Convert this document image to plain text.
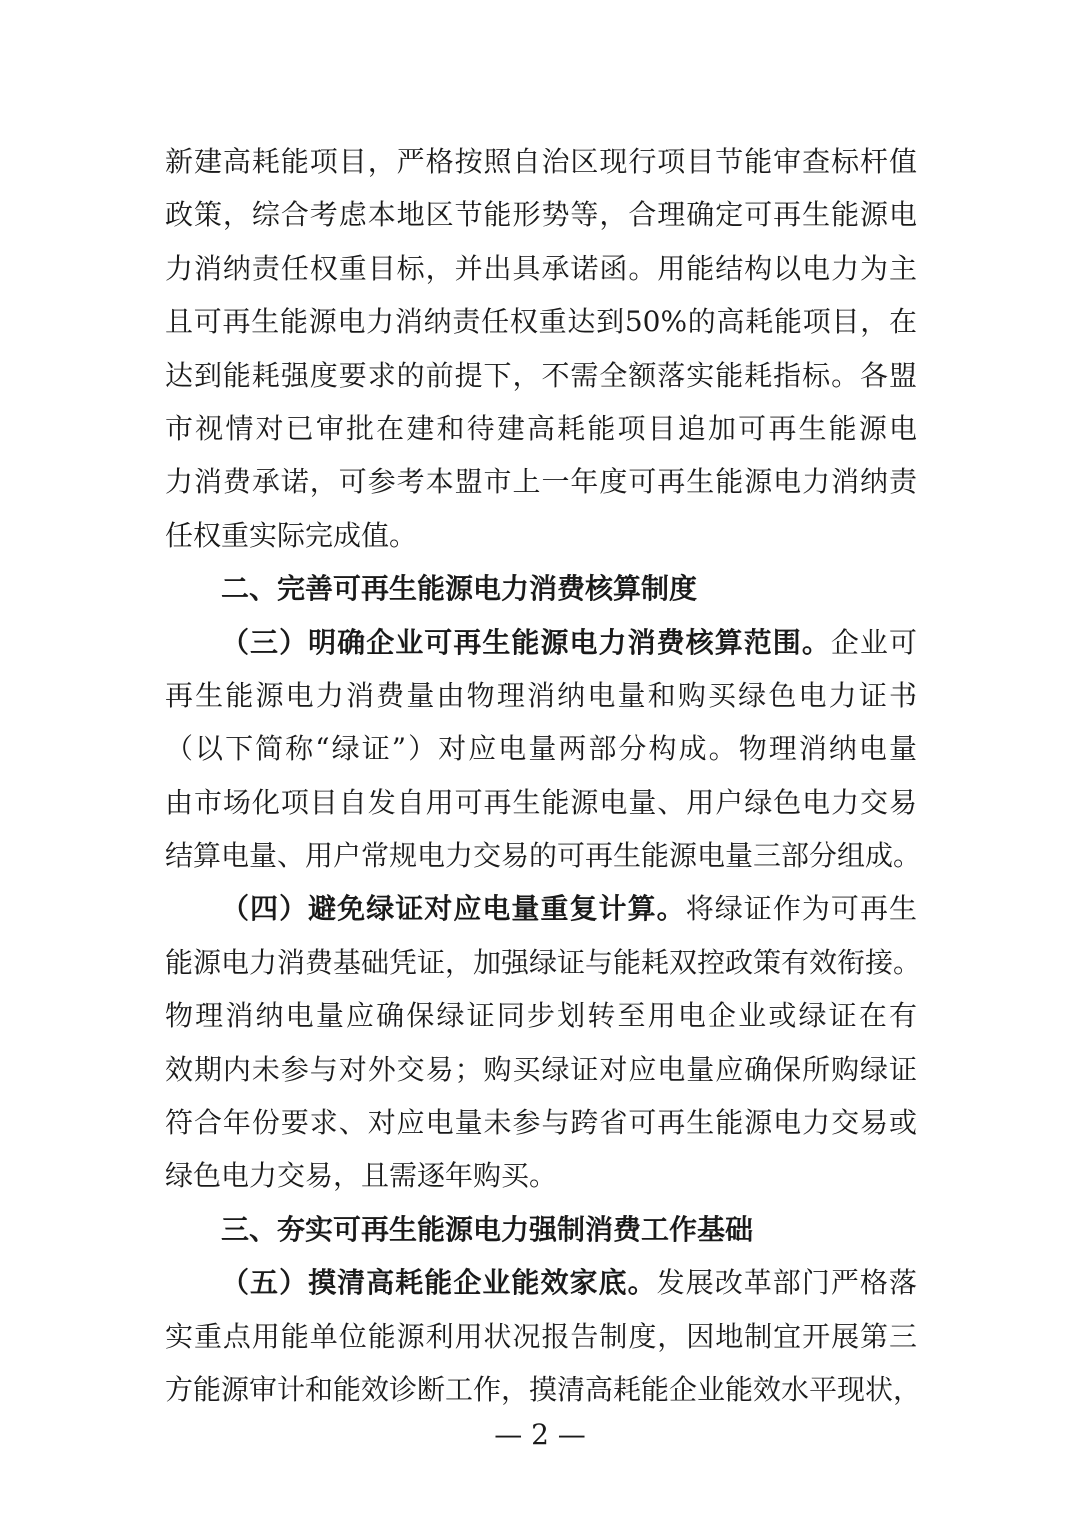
新建高耗能项目，严格按照自治区现行项目节能审查标杆值
政策，综合考虑本地区节能形势等，合理确定可再生能源电
力消纳责任权重目标，并出具承诺函。用能结构以电力为主
且可再生能源电力消纳责任权重达到50%的高耗能项目，在
达到能耗强度要求的前提下，不需全额落实能耗指标。各盟
市视情对已审批在建和待建高耗能项目追加可再生能源电
力消费承诺，可参考本盟市上一年度可再生能源电力消纳责
任权重实际完成值。
二、完善可再生能源电力消费核算制度
（三）明确企业可再生能源电力消费核算范围。企业可
再生能源电力消费量由物理消纳电量和购买绿色电力证书
（以下简称“绿证”）对应电量两部分构成。物理消纳电量
由市场化项目自发自用可再生能源电量、用户绿色电力交易
结算电量、用户常规电力交易的可再生能源电量三部分组成。
（四）避免绿证对应电量重复计算。将绿证作为可再生
能源电力消费基础凭证，加强绿证与能耗双控政策有效衔接。
物理消纳电量应确保绿证同步划转至用电企业或绿证在有
效期内未参与对外交易；购买绿证对应电量应确保所购绿证
符合年份要求、对应电量未参与跨省可再生能源电力交易或
绿色电力交易，且需逐年购买。
三、夯实可再生能源电力强制消费工作基础
（五）摸清高耗能企业能效家底。发展改革部门严格落
实重点用能单位能源利用状况报告制度，因地制宜开展第三
方能源审计和能效诊断工作，摸清高耗能企业能效水平现状，
— 2 —
